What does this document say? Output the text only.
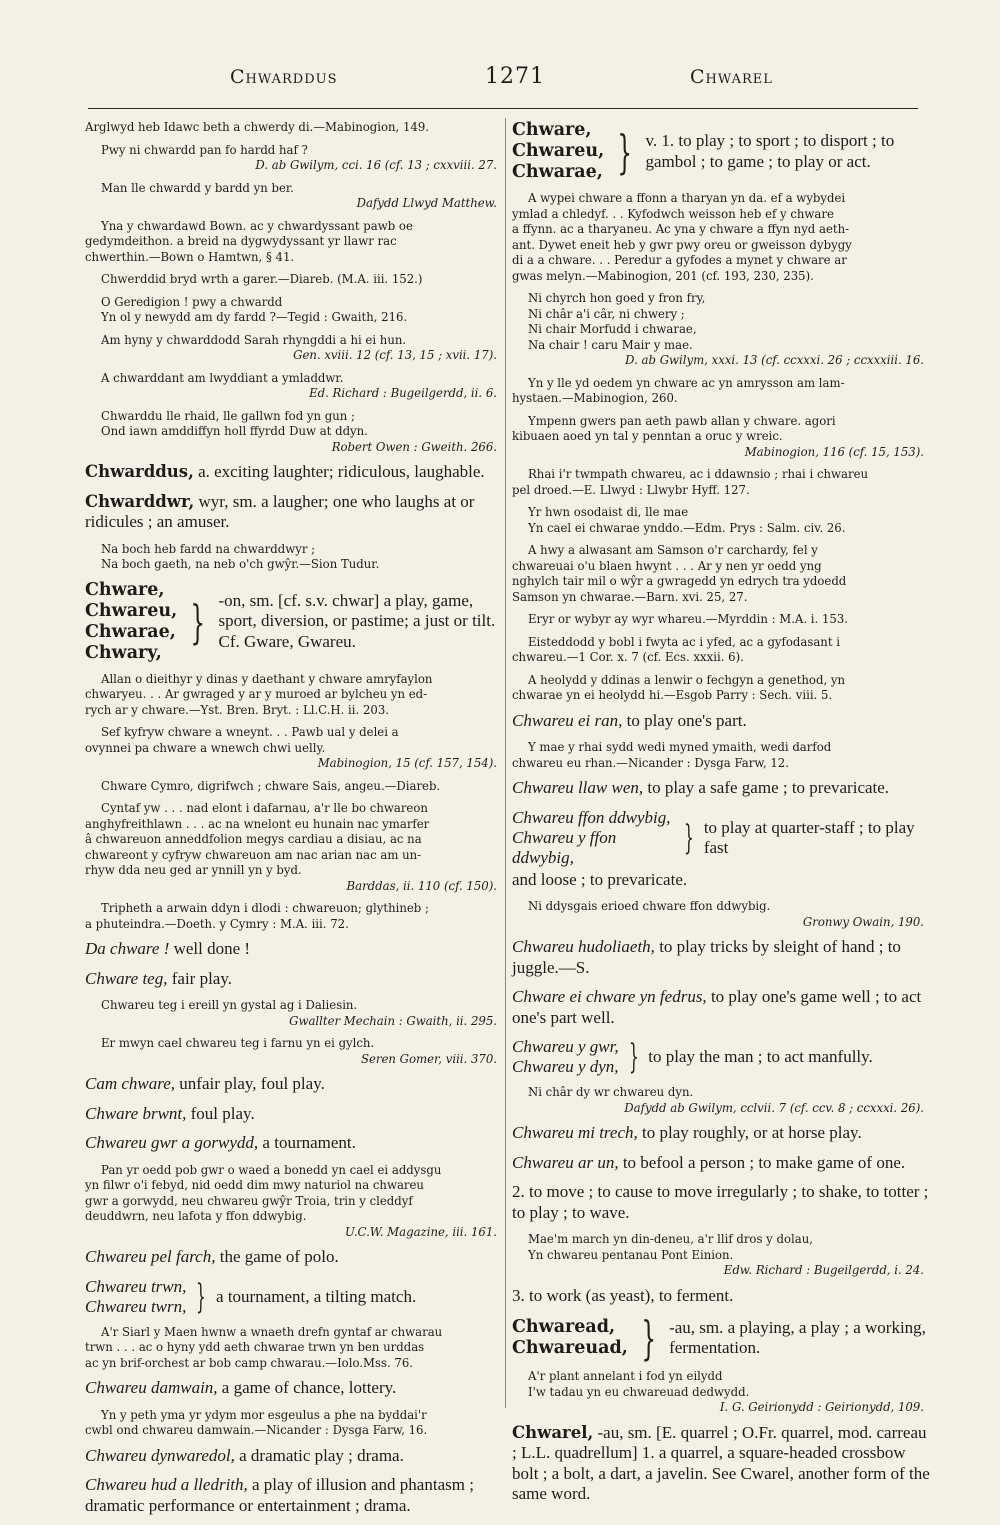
Chwarddus	1271	Chwarel
Arglwyd heb Idawc beth a chwerdy di.—Mabinogion, 149.
Pwy ni chwardd pan fo hardd haf ?
D. ab Gwilym, cci. 16 (cf. 13 ; cxxviii. 27.
Man lle chwardd y bardd yn ber.
Dafydd Llwyd Matthew.
Yna y chwardawd Bown. ac y chwardyssant pawb oe
gedymdeithon. a breid na dygwydyssant yr llawr rac
chwerthin.—Bown o Hamtwn, § 41.
Chwerddid bryd wrth a garer.—Diareb. (M.A. iii. 152.)
O Geredigion ! pwy a chwardd
Yn ol y newydd am dy fardd ?—Tegid : Gwaith, 216.
Am hyny y chwarddodd Sarah rhyngddi a hi ei hun.
Gen. xviii. 12 (cf. 13, 15 ; xvii. 17).
A chwarddant am lwyddiant a ymladdwr.
Ed. Richard : Bugeilgerdd, ii. 6.
Chwarddu lle rhaid, lle gallwn fod yn gun ;
Ond iawn amddiffyn holl ffyrdd Duw at ddyn.
Robert Owen : Gweith. 266.
Chwarddus, a. exciting laughter; ridiculous, laughable.
Chwarddwr, wyr, sm. a laugher; one who laughs at or ridicules ; an amuser.
Na boch heb fardd na chwarddwyr ;
Na boch gaeth, na neb o'ch gwŷr.—Sion Tudur.
Chware,
Chwareu,
Chwarae,
Chwary,
} -on, sm. [cf. s.v. chwar] a play, game, sport, diversion, or pastime; a just or tilt. Cf. Gware, Gwareu.
Allan o dieithyr y dinas y daethant y chware amryfaylon
chwaryeu. . . Ar gwraged y ar y muroed ar bylcheu yn ed-
rych ar y chware.—Yst. Bren. Bryt. : Ll.C.H. ii. 203.
Sef kyfryw chware a wneynt. . . Pawb ual y delei a
ovynnei pa chware a wnewch chwi uelly.
Mabinogion, 15 (cf. 157, 154).
Chware Cymro, digrifwch ; chware Sais, angeu.—Diareb.
Cyntaf yw . . . nad elont i dafarnau, a'r lle bo chwareon
anghyfreithlawn . . . ac na wnelont eu hunain nac ymarfer
â chwareuon anneddfolion megys cardiau a disiau, ac na
chwareont y cyfryw chwareuon am nac arian nac am un-
rhyw dda neu ged ar ynnill yn y byd.
Barddas, ii. 110 (cf. 150).
Tripheth a arwain ddyn i dlodi : chwareuon; glythineb ;
a phuteindra.—Doeth. y Cymry : M.A. iii. 72.
Da chware ! well done !
Chware teg, fair play.
Chwareu teg i ereill yn gystal ag i Daliesin.
Gwallter Mechain : Gwaith, ii. 295.
Er mwyn cael chwareu teg i farnu yn ei gylch.
Seren Gomer, viii. 370.
Cam chware, unfair play, foul play.
Chware brwnt, foul play.
Chwareu gwr a gorwydd, a tournament.
Pan yr oedd pob gwr o waed a bonedd yn cael ei addysgu
yn filwr o'i febyd, nid oedd dim mwy naturiol na chwareu
gwr a gorwydd, neu chwareu gwŷr Troia, trin y cleddyf
deuddwrn, neu lafota y ffon ddwybig.
U.C.W. Magazine, iii. 161.
Chwareu pel farch, the game of polo.
Chwareu trwn,
Chwareu twrn, } a tournament, a tilting match.
A'r Siarl y Maen hwnw a wnaeth drefn gyntaf ar chwarau
trwn . . . ac o hyny ydd aeth chwarae trwn yn ben urddas
ac yn brif-orchest ar bob camp chwarau.—Iolo.Mss. 76.
Chwareu damwain, a game of chance, lottery.
Yn y peth yma yr ydym mor esgeulus a phe na byddai'r
cwbl ond chwareu damwain.—Nicander : Dysga Farw, 16.
Chwareu dynwaredol, a dramatic play ; drama.
Chwareu hud a lledrith, a play of illusion and phantasm ; dramatic performance or entertainment ; drama.
Chware,
Chwareu,
Chwarae, } v. 1. to play ; to sport ; to disport ; to gambol ; to game ; to play or act.
A wypei chware a ffonn a tharyan yn da. ef a wybydei
ymlad a chledyf. . . Kyfodwch weisson heb ef y chware
a ffynn. ac a tharyaneu. Ac yna y chware a ffyn nyd aeth-
ant. Dywet eneit heb y gwr pwy oreu or gweisson dybygy
di a a chware. . . Peredur a gyfodes a mynet y chware ar
gwas melyn.—Mabinogion, 201 (cf. 193, 230, 235).
Ni chyrch hon goed y fron fry,
Ni châr a'i câr, ni chwery ;
Ni chair Morfudd i chwarae,
Na chair ! caru Mair y mae.
D. ab Gwilym, xxxi. 13 (cf. ccxxxi. 26 ; ccxxxiii. 16.
Yn y lle yd oedem yn chware ac yn amrysson am lam-
hystaen.—Mabinogion, 260.
Ympenn gwers pan aeth pawb allan y chware. agori
kibuaen aoed yn tal y penntan a oruc y wreic.
Mabinogion, 116 (cf. 15, 153).
Rhai i'r twmpath chwareu, ac i ddawnsio ; rhai i chwareu
pel droed.—E. Llwyd : Llwybr Hyff. 127.
Yr hwn osodaist di, lle mae
Yn cael ei chwarae ynddo.—Edm. Prys : Salm. civ. 26.
A hwy a alwasant am Samson o'r carchardy, fel y
chwareuai o'u blaen hwynt . . . Ar y nen yr oedd yng
nghylch tair mil o wŷr a gwragedd yn edrych tra ydoedd
Samson yn chwarae.—Barn. xvi. 25, 27.
Eryr or wybyr ay wyr whareu.—Myrddin : M.A. i. 153.
Eisteddodd y bobl i fwyta ac i yfed, ac a gyfodasant i
chwareu.—1 Cor. x. 7 (cf. Ecs. xxxii. 6).
A heolydd y ddinas a lenwir o fechgyn a genethod, yn
chwarae yn ei heolydd hi.—Esgob Parry : Sech. viii. 5.
Chwareu ei ran, to play one's part.
Y mae y rhai sydd wedi myned ymaith, wedi darfod
chwareu eu rhan.—Nicander : Dysga Farw, 12.
Chwareu llaw wen, to play a safe game ; to prevaricate.
Chwareu ffon ddwybig,
Chwareu y ffon ddwybig,	} to play at quarter-staff ; to play fast
and loose ; to prevaricate.
Ni ddysgais erioed chware ffon ddwybig.
Gronwy Owain, 190.
Chwareu hudoliaeth, to play tricks by sleight of hand ; to juggle.—S.
Chware ei chware yn fedrus, to play one's game well ; to act one's part well.
Chwareu y gwr,
Chwareu y dyn, } to play the man ; to act manfully.
Ni châr dy wr chwareu dyn.
Dafydd ab Gwilym, cclvii. 7 (cf. ccv. 8 ; ccxxxi. 26).
Chwareu mi trech, to play roughly, or at horse play.
Chwareu ar un, to befool a person ; to make game of one.
2. to move ; to cause to move irregularly ; to shake, to totter ; to play ; to wave.
Mae'm march yn din-deneu, a'r llif dros y dolau,
Yn chwareu pentanau Pont Einion.
Edw. Richard : Bugeilgerdd, i. 24.
3. to work (as yeast), to ferment.
Chwaread,
Chwareuad, } -au, sm. a playing, a play ; a working, fermentation.
A'r plant annelant i fod yn eilydd
I'w tadau yn eu chwareuad dedwydd.
I. G. Geirionydd : Geirionydd, 109.
Chwarel, -au, sm. [E. quarrel ; O.Fr. quarrel, mod. carreau ; L.L. quadrellum] 1. a quarrel, a square-headed crossbow bolt ; a bolt, a dart, a javelin. See Cwarel, another form of the same word.
